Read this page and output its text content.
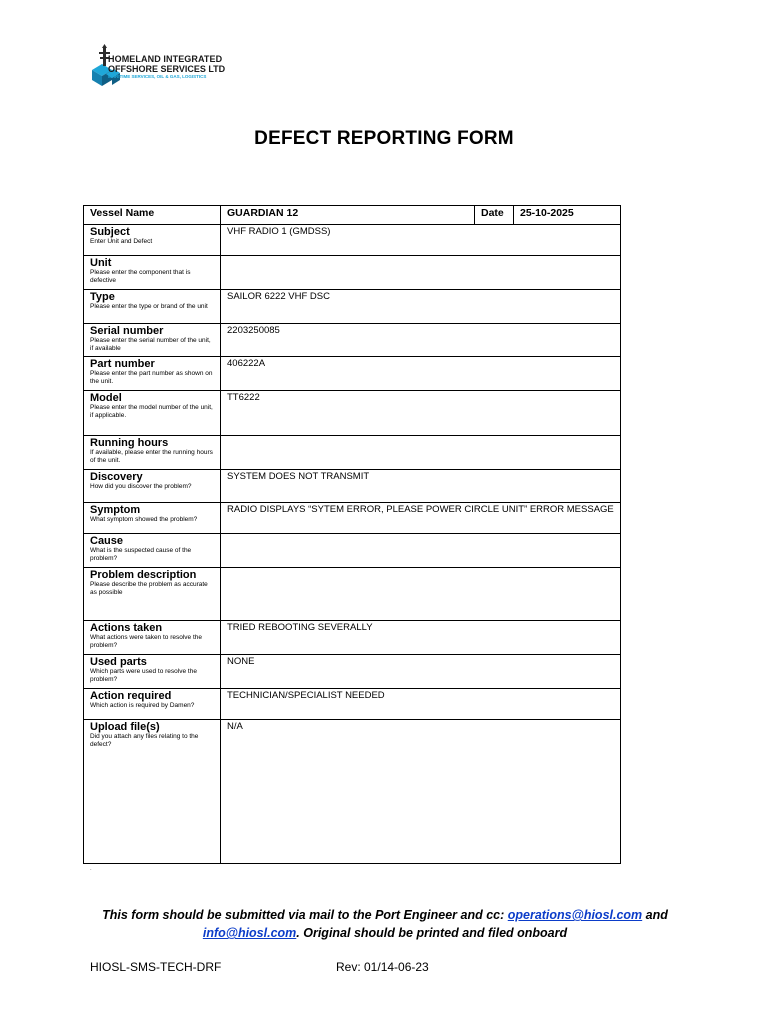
HOMELAND INTEGRATED
OFFSHORE SERVICES LTD
MARITIME SERVICES, OIL & GAS, LOGISTICS
DEFECT REPORTING FORM
Vessel Name	GUARDIAN 12	Date	25-10-2025

Subject
Enter Unit and Defect	VHF RADIO 1 (GMDSS)		

Unit
Please enter the component that is defective			

Type
Please enter the type or brand of the unit	SAILOR 6222 VHF DSC		

Serial number
Please enter the serial number of the unit, if available	2203250085		

Part number
Please enter the part number as shown on the unit.	406222A		

Model
Please enter the model number of the unit, if applicable.	TT6222		

Running hours
If available, please enter the running hours of the unit.			

Discovery
How did you discover the problem?	SYSTEM DOES NOT TRANSMIT		

Symptom
What symptom showed the problem?	RADIO DISPLAYS “SYTEM ERROR, PLEASE POWER CIRCLE UNIT” ERROR MESSAGE		

Cause
What is the suspected cause of the problem?			

Problem description
Please describe the problem as accurate as possible			

Actions taken
What actions were taken to resolve the problem?	TRIED REBOOTING SEVERALLY		

Used parts
Which parts were used to resolve the problem?	NONE		

Action required
Which action is required by Damen?	TECHNICIAN/SPECIALIST NEEDED		

Upload file(s)
Did you attach any files relating to the defect?	N/A		
.
This form should be submitted via mail to the Port Engineer and cc: operations@hiosl.com and
info@hiosl.com. Original should be printed and filed onboard
HIOSL-SMS-TECH-DRF	Rev: 01/14-06-23
